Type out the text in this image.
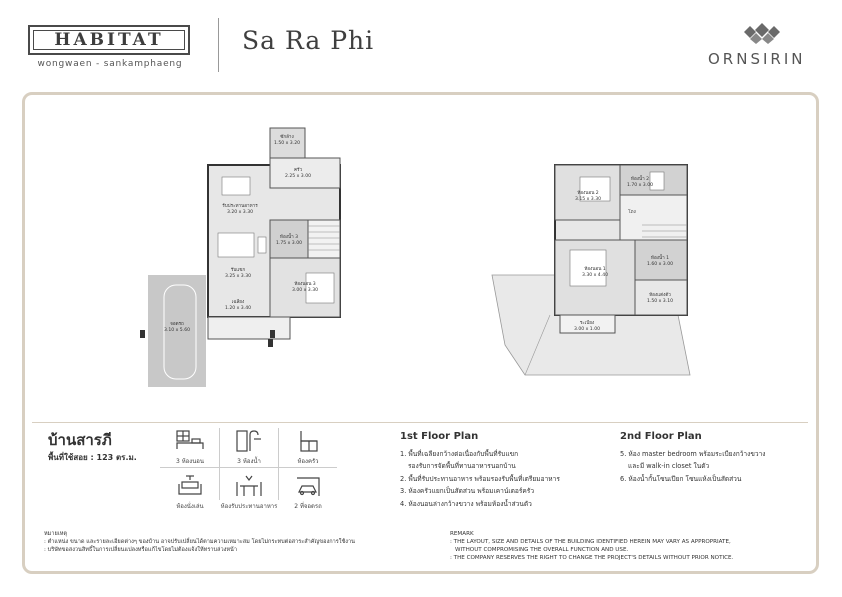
HABITAT
wongwaen - sankamphaeng
Sa Ra Phi
ORNSIRIN
ซักล้าง
1.50 x 3.20
ครัว
2.25 x 3.00
รับประทานอาหาร
3.20 x 3.30
ห้องน้ำ 3
1.75 x 3.00
รับแขก
3.25 x 3.30
ห้องนอน 3
3.00 x 3.30
เฉลียง
1.20 x 3.40
จอดรถ
3.10 x 5.60
ห้องนอน 2
3.15 x 3.30
ห้องน้ำ 2
1.70 x 3.00
โถง
ห้องนอน 1
3.30 x 4.40
ห้องน้ำ 1
1.60 x 3.00
ห้องแต่งตัว
1.50 x 3.10
ระเบียง
3.00 x 1.00
บ้านสารภี
พื้นที่ใช้สอย : 123 ตร.ม.	3 ห้องนอน	3 ห้องน้ำ	ห้องครัว
ห้องนั่งเล่น	ห้องรับประทานอาหาร	2 ที่จอดรถ
1st Floor Plan
1. พื้นที่เฉลียงกว้างต่อเนื่องกับพื้นที่รับแขก
รองรับการจัดพื้นที่ทานอาหารนอกบ้าน
2. พื้นที่รับประทานอาหาร พร้อมรองรับพื้นที่เตรียมอาหาร
3. ห้องครัวแยกเป็นสัดส่วน พร้อมเคาน์เตอร์ครัว
4. ห้องนอนล่างกว้างขวาง พร้อมห้องน้ำส่วนตัว
2nd Floor Plan
5. ห้อง master bedroom พร้อมระเบียงกว้างขวาง
และมี walk-in closet ในตัว
6. ห้องน้ำกั้นโซนเปียก โซนแห้งเป็นสัดส่วน
หมายเหตุ
: ตำแหน่ง ขนาด และรายละเอียดต่างๆ ของบ้าน อาจปรับเปลี่ยนได้ตามความเหมาะสม โดยไม่กระทบต่อสาระสำคัญของการใช้งาน
: บริษัทขอสงวนสิทธิ์ในการเปลี่ยนแปลงหรือแก้ไขโดยไม่ต้องแจ้งให้ทราบล่วงหน้า
REMARK
: THE LAYOUT, SIZE AND DETAILS OF THE BUILDING IDENTIFIED HEREIN MAY VARY AS APPROPRIATE,
WITHOUT COMPROMISING THE OVERALL FUNCTION AND USE.
: THE COMPANY RESERVES THE RIGHT TO CHANGE THE PROJECT'S DETAILS WITHOUT PRIOR NOTICE.
